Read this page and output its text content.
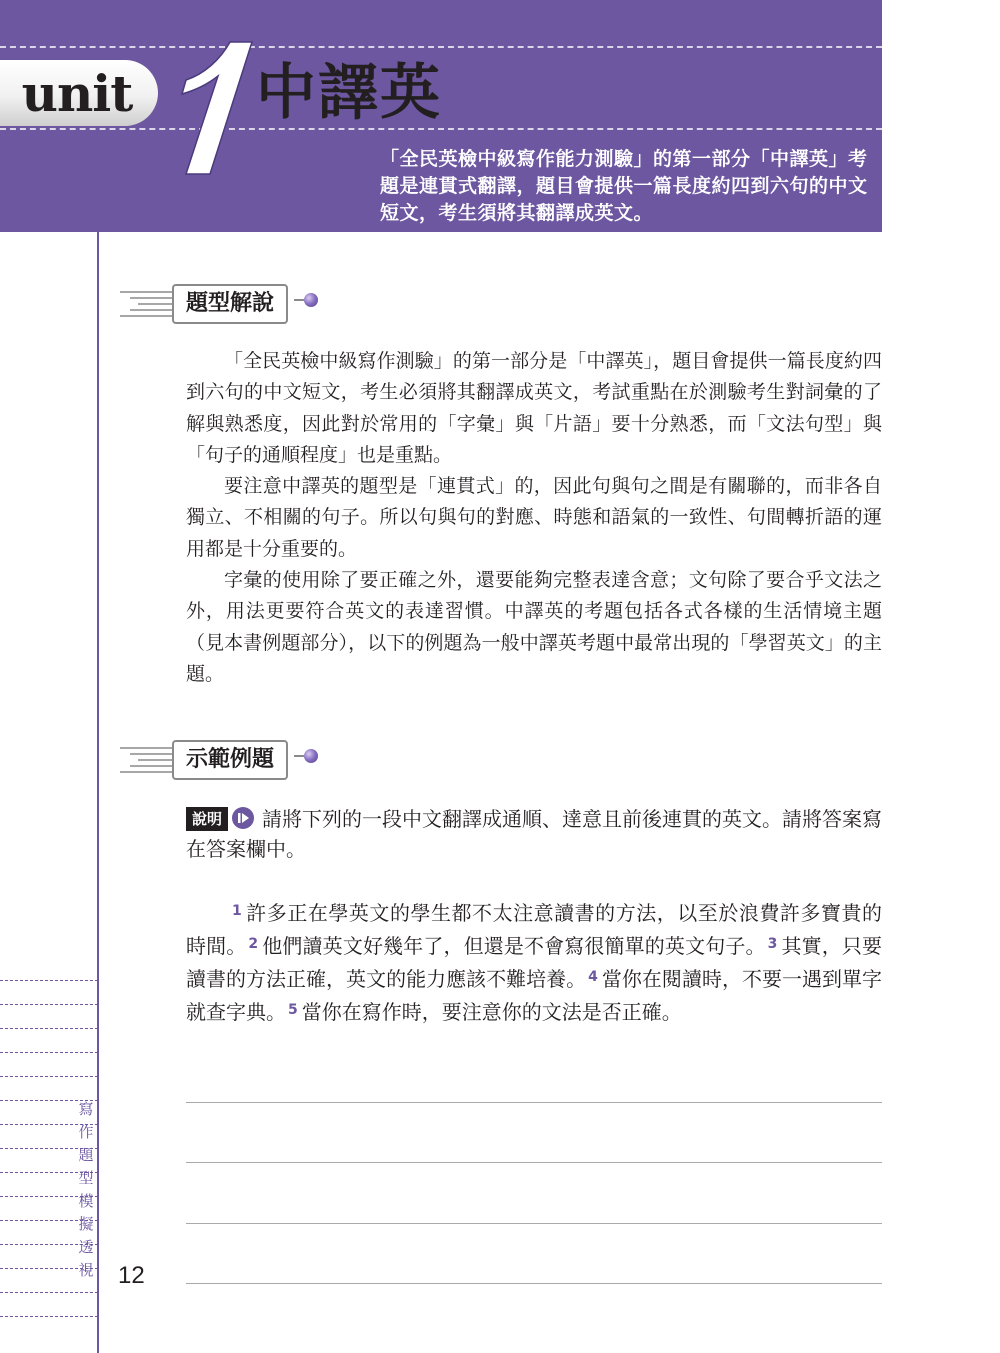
unit 中譯英

「全民英檢中級寫作能力測驗」的第一部分「中譯英」考題是連貫式翻譯，題目會提供一篇長度約四到六句的中文短文，考生須將其翻譯成英文。

寫作題型模擬透視 12
題型解說

「全民英檢中級寫作測驗」的第一部分是「中譯英」，題目會提供一篇長度約四到六句的中文短文，考生必須將其翻譯成英文，考試重點在於測驗考生對詞彙的了解與熟悉度，因此對於常用的「字彙」與「片語」要十分熟悉，而「文法句型」與「句子的通順程度」也是重點。

要注意中譯英的題型是「連貫式」的，因此句與句之間是有關聯的，而非各自獨立、不相關的句子。所以句與句的對應、時態和語氣的一致性、句間轉折語的運用都是十分重要的。

字彙的使用除了要正確之外，還要能夠完整表達含意；文句除了要合乎文法之外，用法更要符合英文的表達習慣。中譯英的考題包括各式各樣的生活情境主題（見本書例題部分），以下的例題為一般中譯英考題中最常出現的「學習英文」的主題。

示範例題
說明 請將下列的一段中文翻譯成通順、達意且前後連貫的英文。請將答案寫在答案欄中。

$^1$ 許多正在學英文的學生都不太注意讀書的方法，以至於浪費許多寶貴的時間。 $^2$ 他們讀英文好幾年了，但還是不會寫很簡單的英文句子。 $^3$ 其實，只要讀書的方法正確，英文的能力應該不難培養。 $^4$ 當你在閱讀時，不要一遇到單字就查字典。 $^5$ 當你在寫作時，要注意你的文法是否正確。
